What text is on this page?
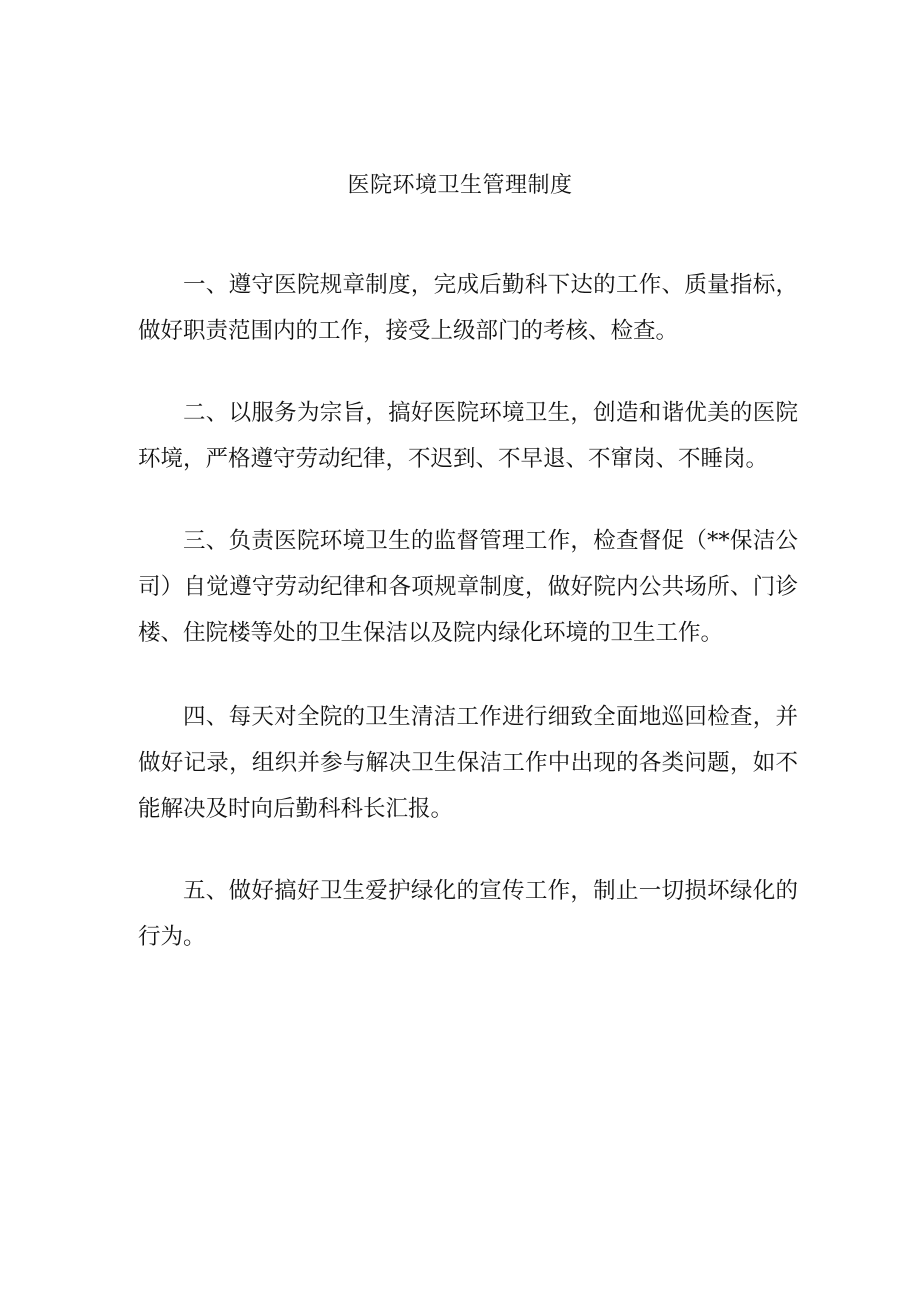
医院环境卫生管理制度

一、遵守医院规章制度，完成后勤科下达的工作、质量指标，做好职责范围内的工作，接受上级部门的考核、检查。

二、以服务为宗旨，搞好医院环境卫生，创造和谐优美的医院环境，严格遵守劳动纪律，不迟到、不早退、不窜岗、不睡岗。

三、负责医院环境卫生的监督管理工作，检查督促（**保洁公司）自觉遵守劳动纪律和各项规章制度，做好院内公共场所、门诊楼、住院楼等处的卫生保洁以及院内绿化环境的卫生工作。

四、每天对全院的卫生清洁工作进行细致全面地巡回检查，并做好记录，组织并参与解决卫生保洁工作中出现的各类问题，如不能解决及时向后勤科科长汇报。

五、做好搞好卫生爱护绿化的宣传工作，制止一切损坏绿化的行为。
